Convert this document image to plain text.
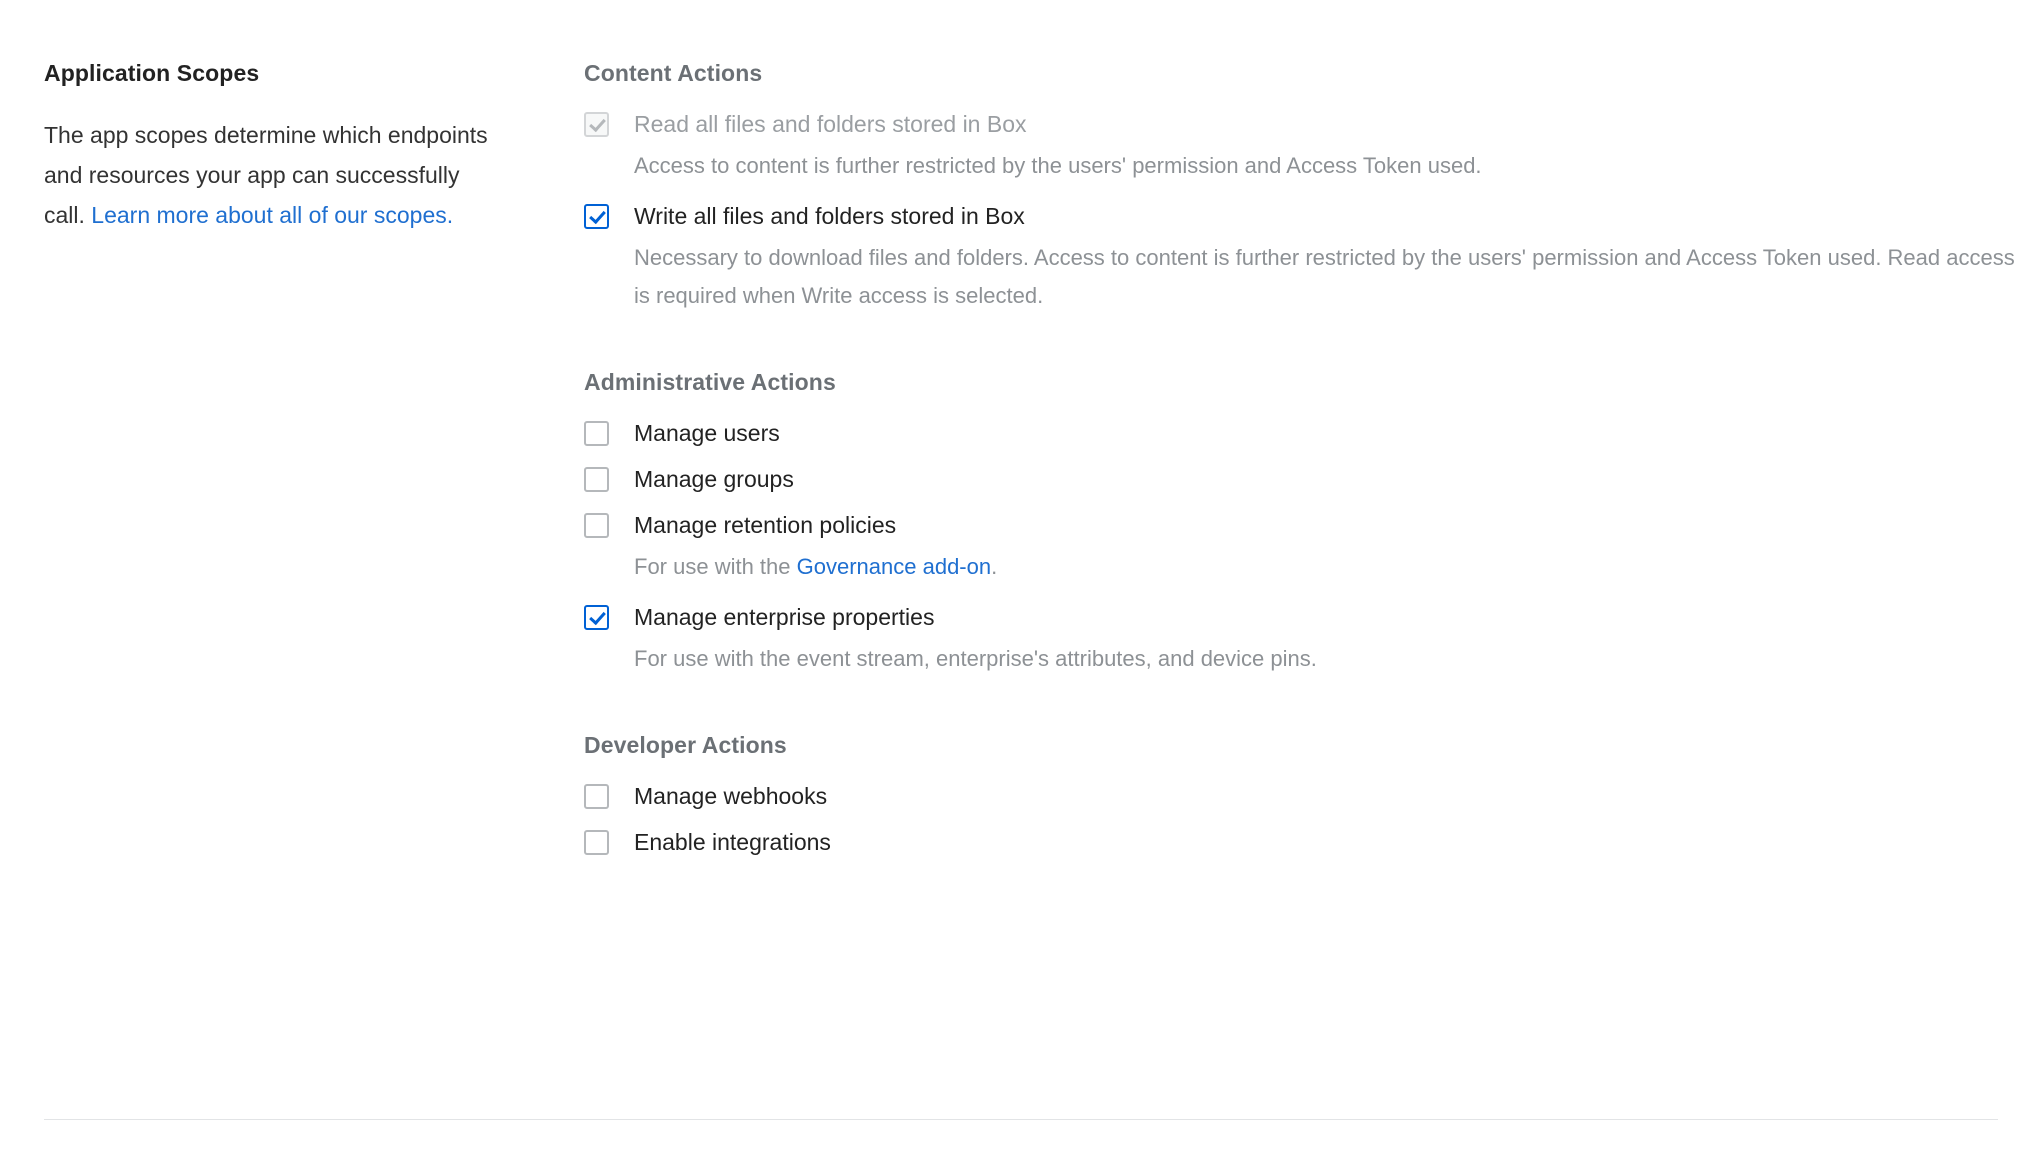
Application Scopes

The app scopes determine which endpoints and resources your app can successfully call. Learn more about all of our scopes.

Content Actions
Read all files and folders stored in Box
Access to content is further restricted by the users' permission and Access Token used.
Write all files and folders stored in Box
Necessary to download files and folders. Access to content is further restricted by the users' permission and Access Token used. Read access is required when Write access is selected.
Administrative Actions
Manage users
Manage groups
Manage retention policies
For use with the Governance add-on.
Manage enterprise properties
For use with the event stream, enterprise's attributes, and device pins.
Developer Actions
Manage webhooks
Enable integrations
